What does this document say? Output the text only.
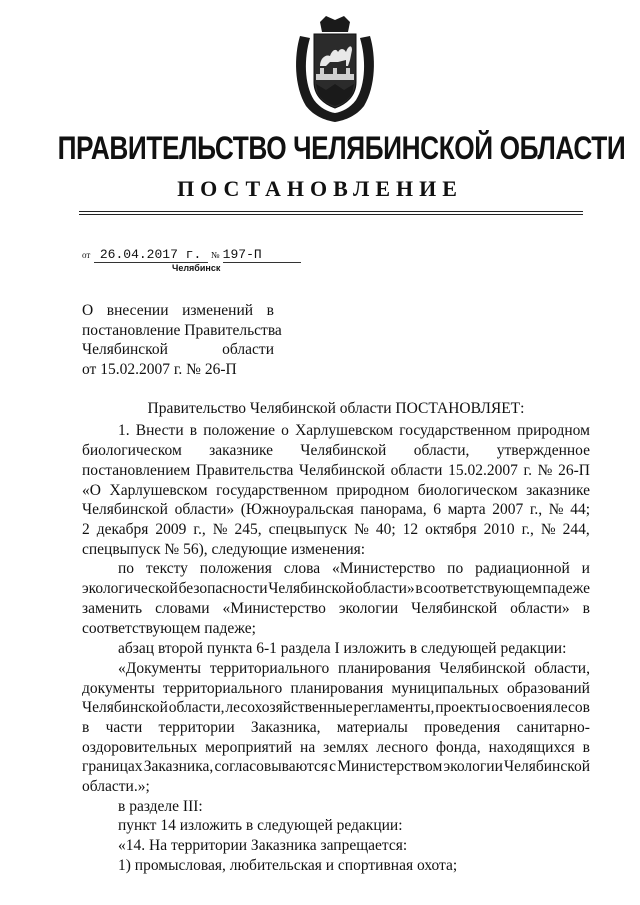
ПРАВИТЕЛЬСТВО ЧЕЛЯБИНСКОЙ ОБЛАСТИ
ПОСТАНОВЛЕНИЕ
от 26.04.2017 г. № 197-П
Челябинск
О внесении изменений в
постановление Правительства
Челябинской	области
от 15.02.2007 г. № 26-П
Правительство Челябинской области ПОСТАНОВЛЯЕТ:
1. Внести в положение о Харлушевском государственном природном
биологическом заказнике Челябинской области, утвержденное
постановлением Правительства Челябинской области 15.02.2007 г. № 26-П
«О Харлушевском государственном природном биологическом заказнике
Челябинской области» (Южноуральская панорама, 6 марта 2007 г., № 44;
2 декабря 2009 г., № 245, спецвыпуск № 40; 12 октября 2010 г., № 244,
спецвыпуск № 56), следующие изменения:
по тексту положения слова «Министерство по радиационной и
экологической безопасности Челябинской области» в соответствующем падеже
заменить словами «Министерство экологии Челябинской области» в
соответствующем падеже;
абзац второй пункта 6-1 раздела I изложить в следующей редакции:
«Документы территориального планирования Челябинской области,
документы территориального планирования муниципальных образований
Челябинской области, лесохозяйственные регламенты, проекты освоения лесов
в части территории Заказника, материалы проведения санитарно-
оздоровительных мероприятий на землях лесного фонда, находящихся в
границах Заказника, согласовываются с Министерством экологии Челябинской
области.»;
в разделе III:
пункт 14 изложить в следующей редакции:
«14. На территории Заказника запрещается:
1) промысловая, любительская и спортивная охота;
